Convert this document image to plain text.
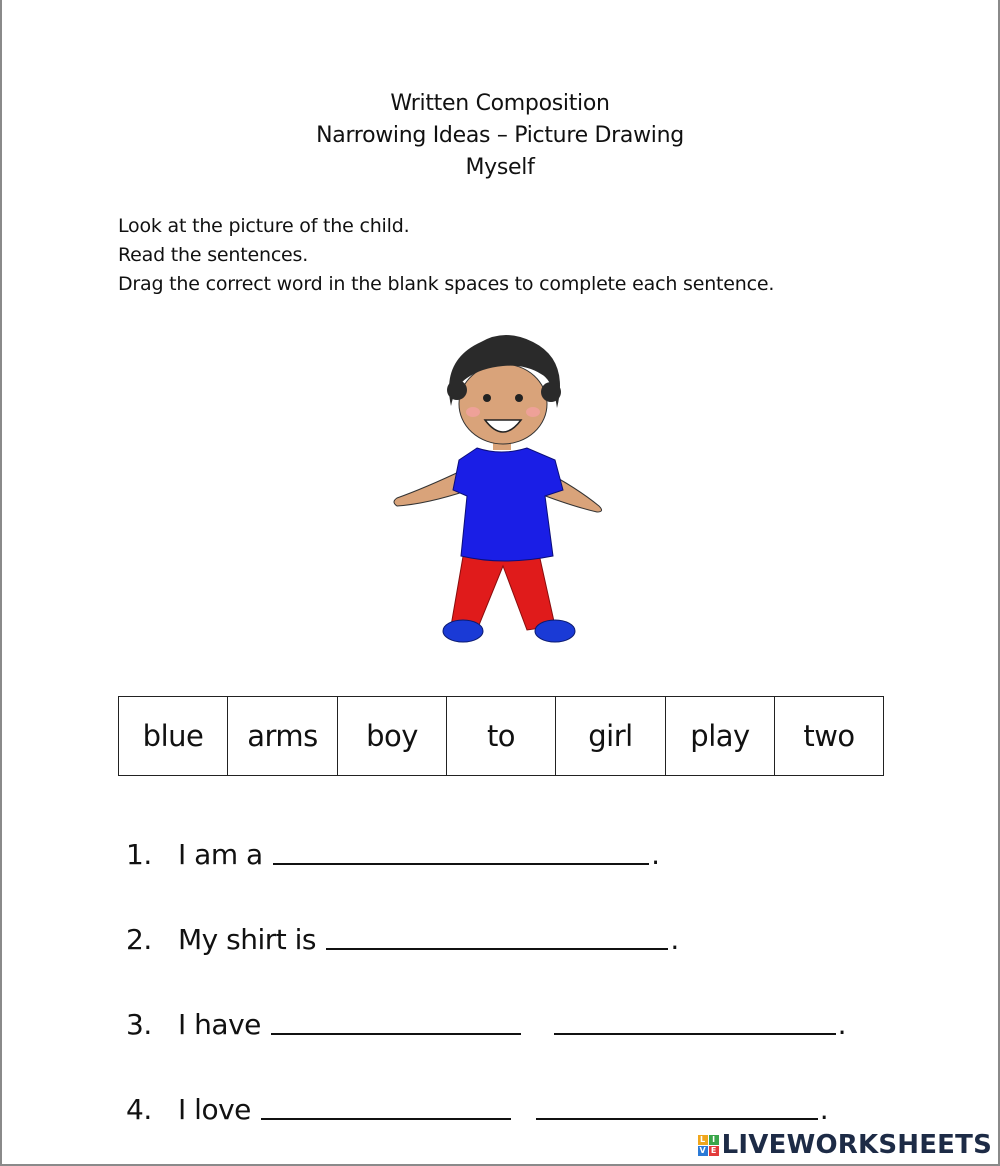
Written Composition
Narrowing Ideas – Picture Drawing
Myself
Look at the picture of the child.
Read the sentences.
Drag the correct word in the blank spaces to complete each sentence.
blue	arms	boy	to	girl	play	two
1. I am a	.
2. My shirt is	.
3. I have	.
4. I love	.
L I
V E LIVEWORKSHEETS
